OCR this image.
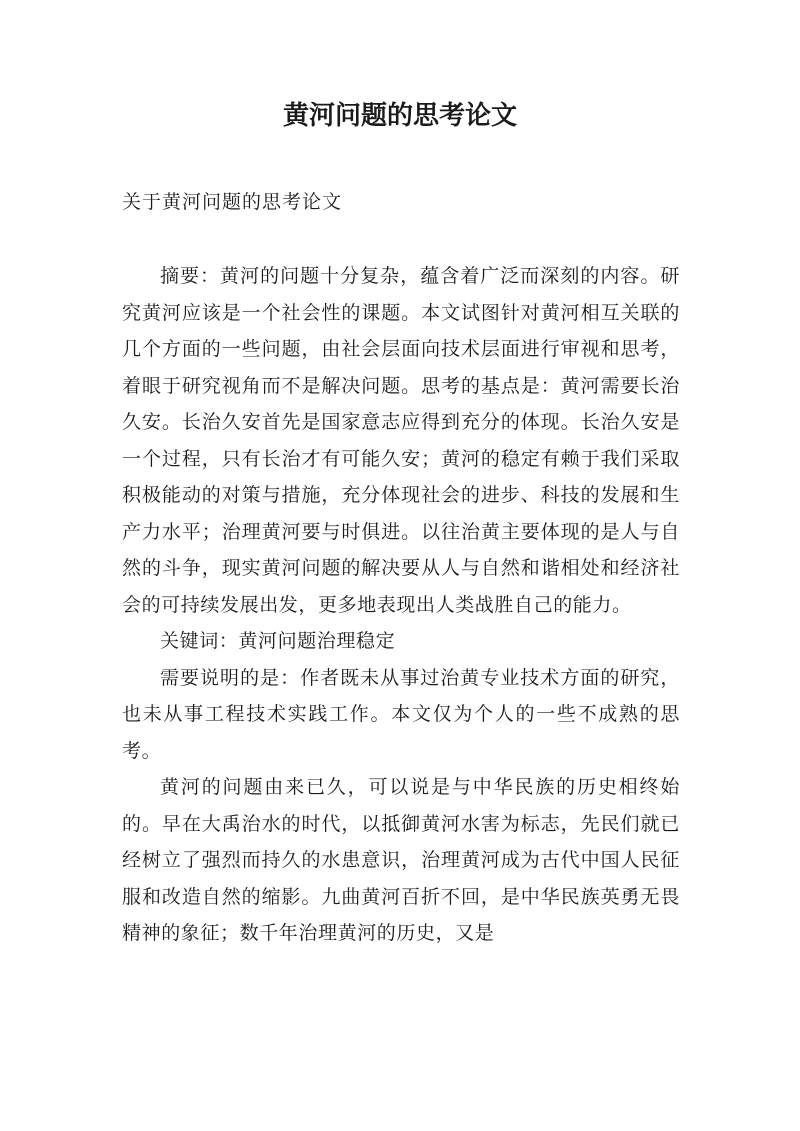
黄河问题的思考论文

关于黄河问题的思考论文

摘要：黄河的问题十分复杂，蕴含着广泛而深刻的内容。研究黄河应该是一个社会性的课题。本文试图针对黄河相互关联的几个方面的一些问题，由社会层面向技术层面进行审视和思考，着眼于研究视角而不是解决问题。思考的基点是：黄河需要长治久安。长治久安首先是国家意志应得到充分的体现。长治久安是一个过程，只有长治才有可能久安；黄河的稳定有赖于我们采取积极能动的对策与措施，充分体现社会的进步、科技的发展和生产力水平；治理黄河要与时俱进。以往治黄主要体现的是人与自然的斗争，现实黄河问题的解决要从人与自然和谐相处和经济社会的可持续发展出发，更多地表现出人类战胜自己的能力。

关键词：黄河问题治理稳定

需要说明的是：作者既未从事过治黄专业技术方面的研究，也未从事工程技术实践工作。本文仅为个人的一些不成熟的思考。

黄河的问题由来已久，可以说是与中华民族的历史相终始的。早在大禹治水的时代，以抵御黄河水害为标志，先民们就已经树立了强烈而持久的水患意识，治理黄河成为古代中国人民征服和改造自然的缩影。九曲黄河百折不回，是中华民族英勇无畏精神的象征；数千年治理黄河的历史，又是
